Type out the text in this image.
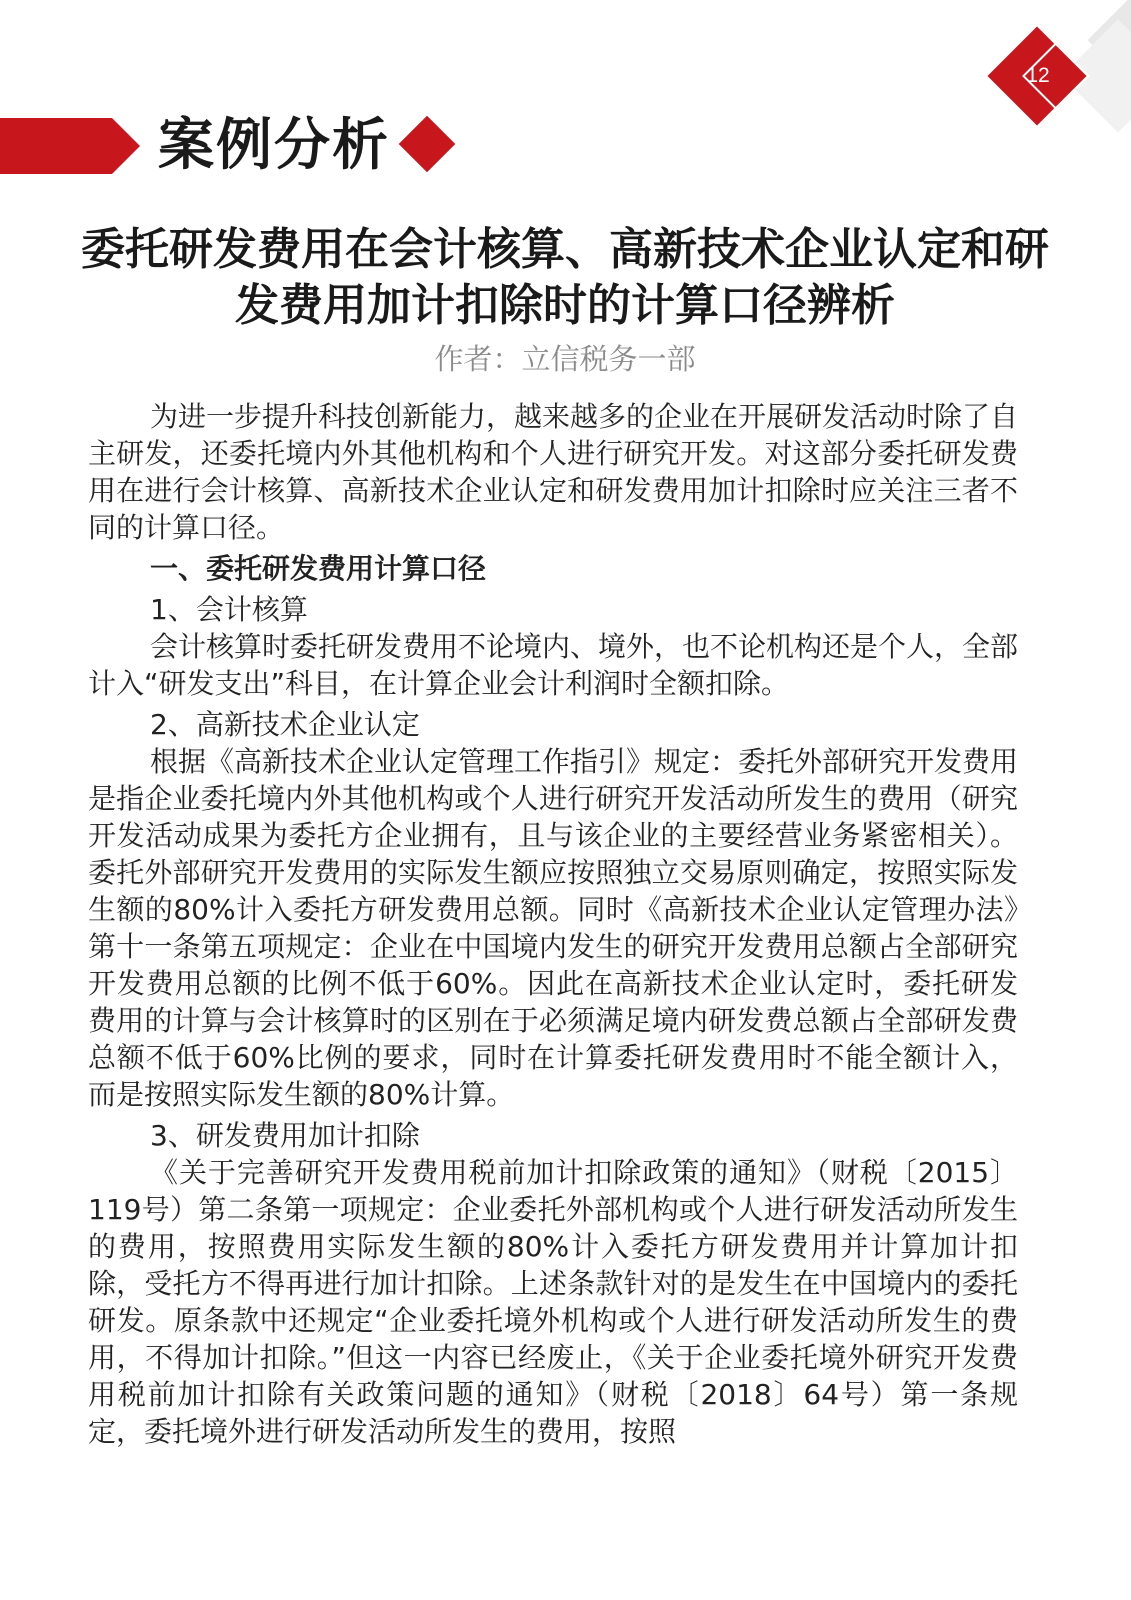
12
案例分析
委托研发费用在会计核算、高新技术企业认定和研发费用加计扣除时的计算口径辨析
作者：立信税务一部

为进一步提升科技创新能力，越来越多的企业在开展研发活动时除了自主研发，还委托境内外其他机构和个人进行研究开发。对这部分委托研发费用在进行会计核算、高新技术企业认定和研发费用加计扣除时应关注三者不同的计算口径。

一、委托研发费用计算口径

1、会计核算

会计核算时委托研发费用不论境内、境外，也不论机构还是个人，全部计入“研发支出”科目，在计算企业会计利润时全额扣除。

2、高新技术企业认定

根据《高新技术企业认定管理工作指引》规定：委托外部研究开发费用是指企业委托境内外其他机构或个人进行研究开发活动所发生的费用（研究开发活动成果为委托方企业拥有，且与该企业的主要经营业务紧密相关）。委托外部研究开发费用的实际发生额应按照独立交易原则确定，按照实际发生额的80%计入委托方研发费用总额。同时《高新技术企业认定管理办法》第十一条第五项规定：企业在中国境内发生的研究开发费用总额占全部研究开发费用总额的比例不低于60%。因此在高新技术企业认定时，委托研发费用的计算与会计核算时的区别在于必须满足境内研发费总额占全部研发费总额不低于60%比例的要求，同时在计算委托研发费用时不能全额计入，而是按照实际发生额的80%计算。

3、研发费用加计扣除

《关于完善研究开发费用税前加计扣除政策的通知》（财税〔2015〕119号）第二条第一项规定：企业委托外部机构或个人进行研发活动所发生的费用，按照费用实际发生额的80%计入委托方研发费用并计算加计扣除，受托方不得再进行加计扣除。上述条款针对的是发生在中国境内的委托研发。原条款中还规定“企业委托境外机构或个人进行研发活动所发生的费用，不得加计扣除。”但这一内容已经废止，《关于企业委托境外研究开发费用税前加计扣除有关政策问题的通知》（财税〔2018〕64号）第一条规定，委托境外进行研发活动所发生的费用，按照
